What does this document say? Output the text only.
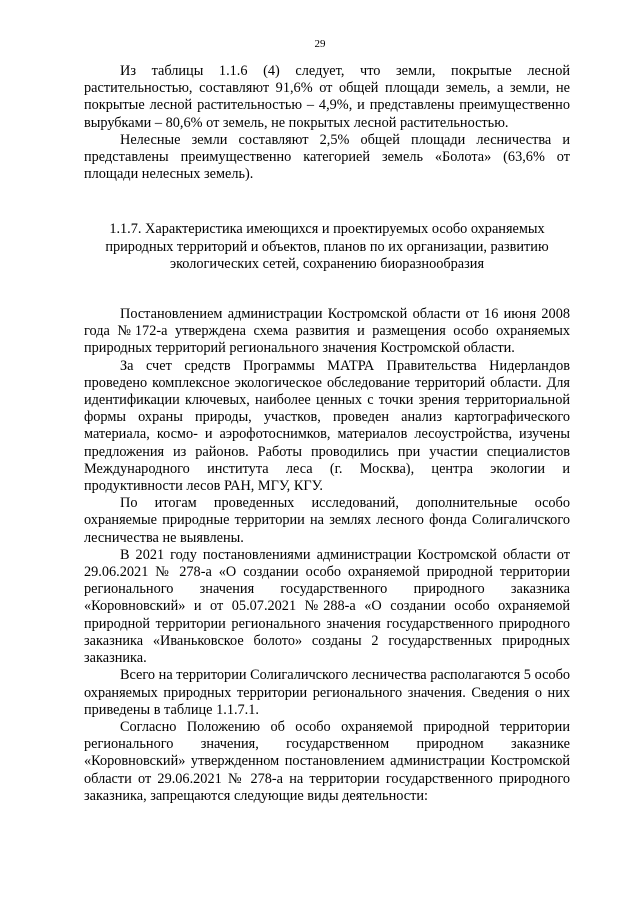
29

Из таблицы 1.1.6 (4) следует, что земли, покрытые лесной растительностью, составляют 91,6% от общей площади земель, а земли, не покрытые лесной растительностью – 4,9%, и представлены преимущественно вырубками – 80,6% от земель, не покрытых лесной растительностью.

Нелесные земли составляют 2,5% общей площади лесничества и представлены преимущественно категорией земель «Болота» (63,6% от площади нелесных земель).

1.1.7. Характеристика имеющихся и проектируемых особо охраняемых природных территорий и объектов, планов по их организации, развитию экологических сетей, сохранению биоразнообразия

Постановлением администрации Костромской области от 16 июня 2008 года №172-а утверждена схема развития и размещения особо охраняемых природных территорий регионального значения Костромской области.

За счет средств Программы МАТРА Правительства Нидерландов проведено комплексное экологическое обследование территорий области. Для идентификации ключевых, наиболее ценных с точки зрения территориальной формы охраны природы, участков, проведен анализ картографического материала, космо- и аэрофотоснимков, материалов лесоустройства, изучены предложения из районов. Работы проводились при участии специалистов Международного института леса (г. Москва), центра экологии и продуктивности лесов РАН, МГУ, КГУ.

По итогам проведенных исследований, дополнительные особо охраняемые природные территории на землях лесного фонда Солигаличского лесничества не выявлены.

В 2021 году постановлениями администрации Костромской области от 29.06.2021 № 278-а «О создании особо охраняемой природной территории регионального значения государственного природного заказника «Коровновский» и от 05.07.2021 №288-а «О создании особо охраняемой природной территории регионального значения государственного природного заказника «Иваньковское болото» созданы 2 государственных природных заказника.

Всего на территории Солигаличского лесничества располагаются 5 особо охраняемых природных территории регионального значения. Сведения о них приведены в таблице 1.1.7.1.

Согласно Положению об особо охраняемой природной территории регионального значения, государственном природном заказнике «Коровновский» утвержденном постановлением администрации Костромской области от 29.06.2021 № 278-а на территории государственного природного заказника, запрещаются следующие виды деятельности:
